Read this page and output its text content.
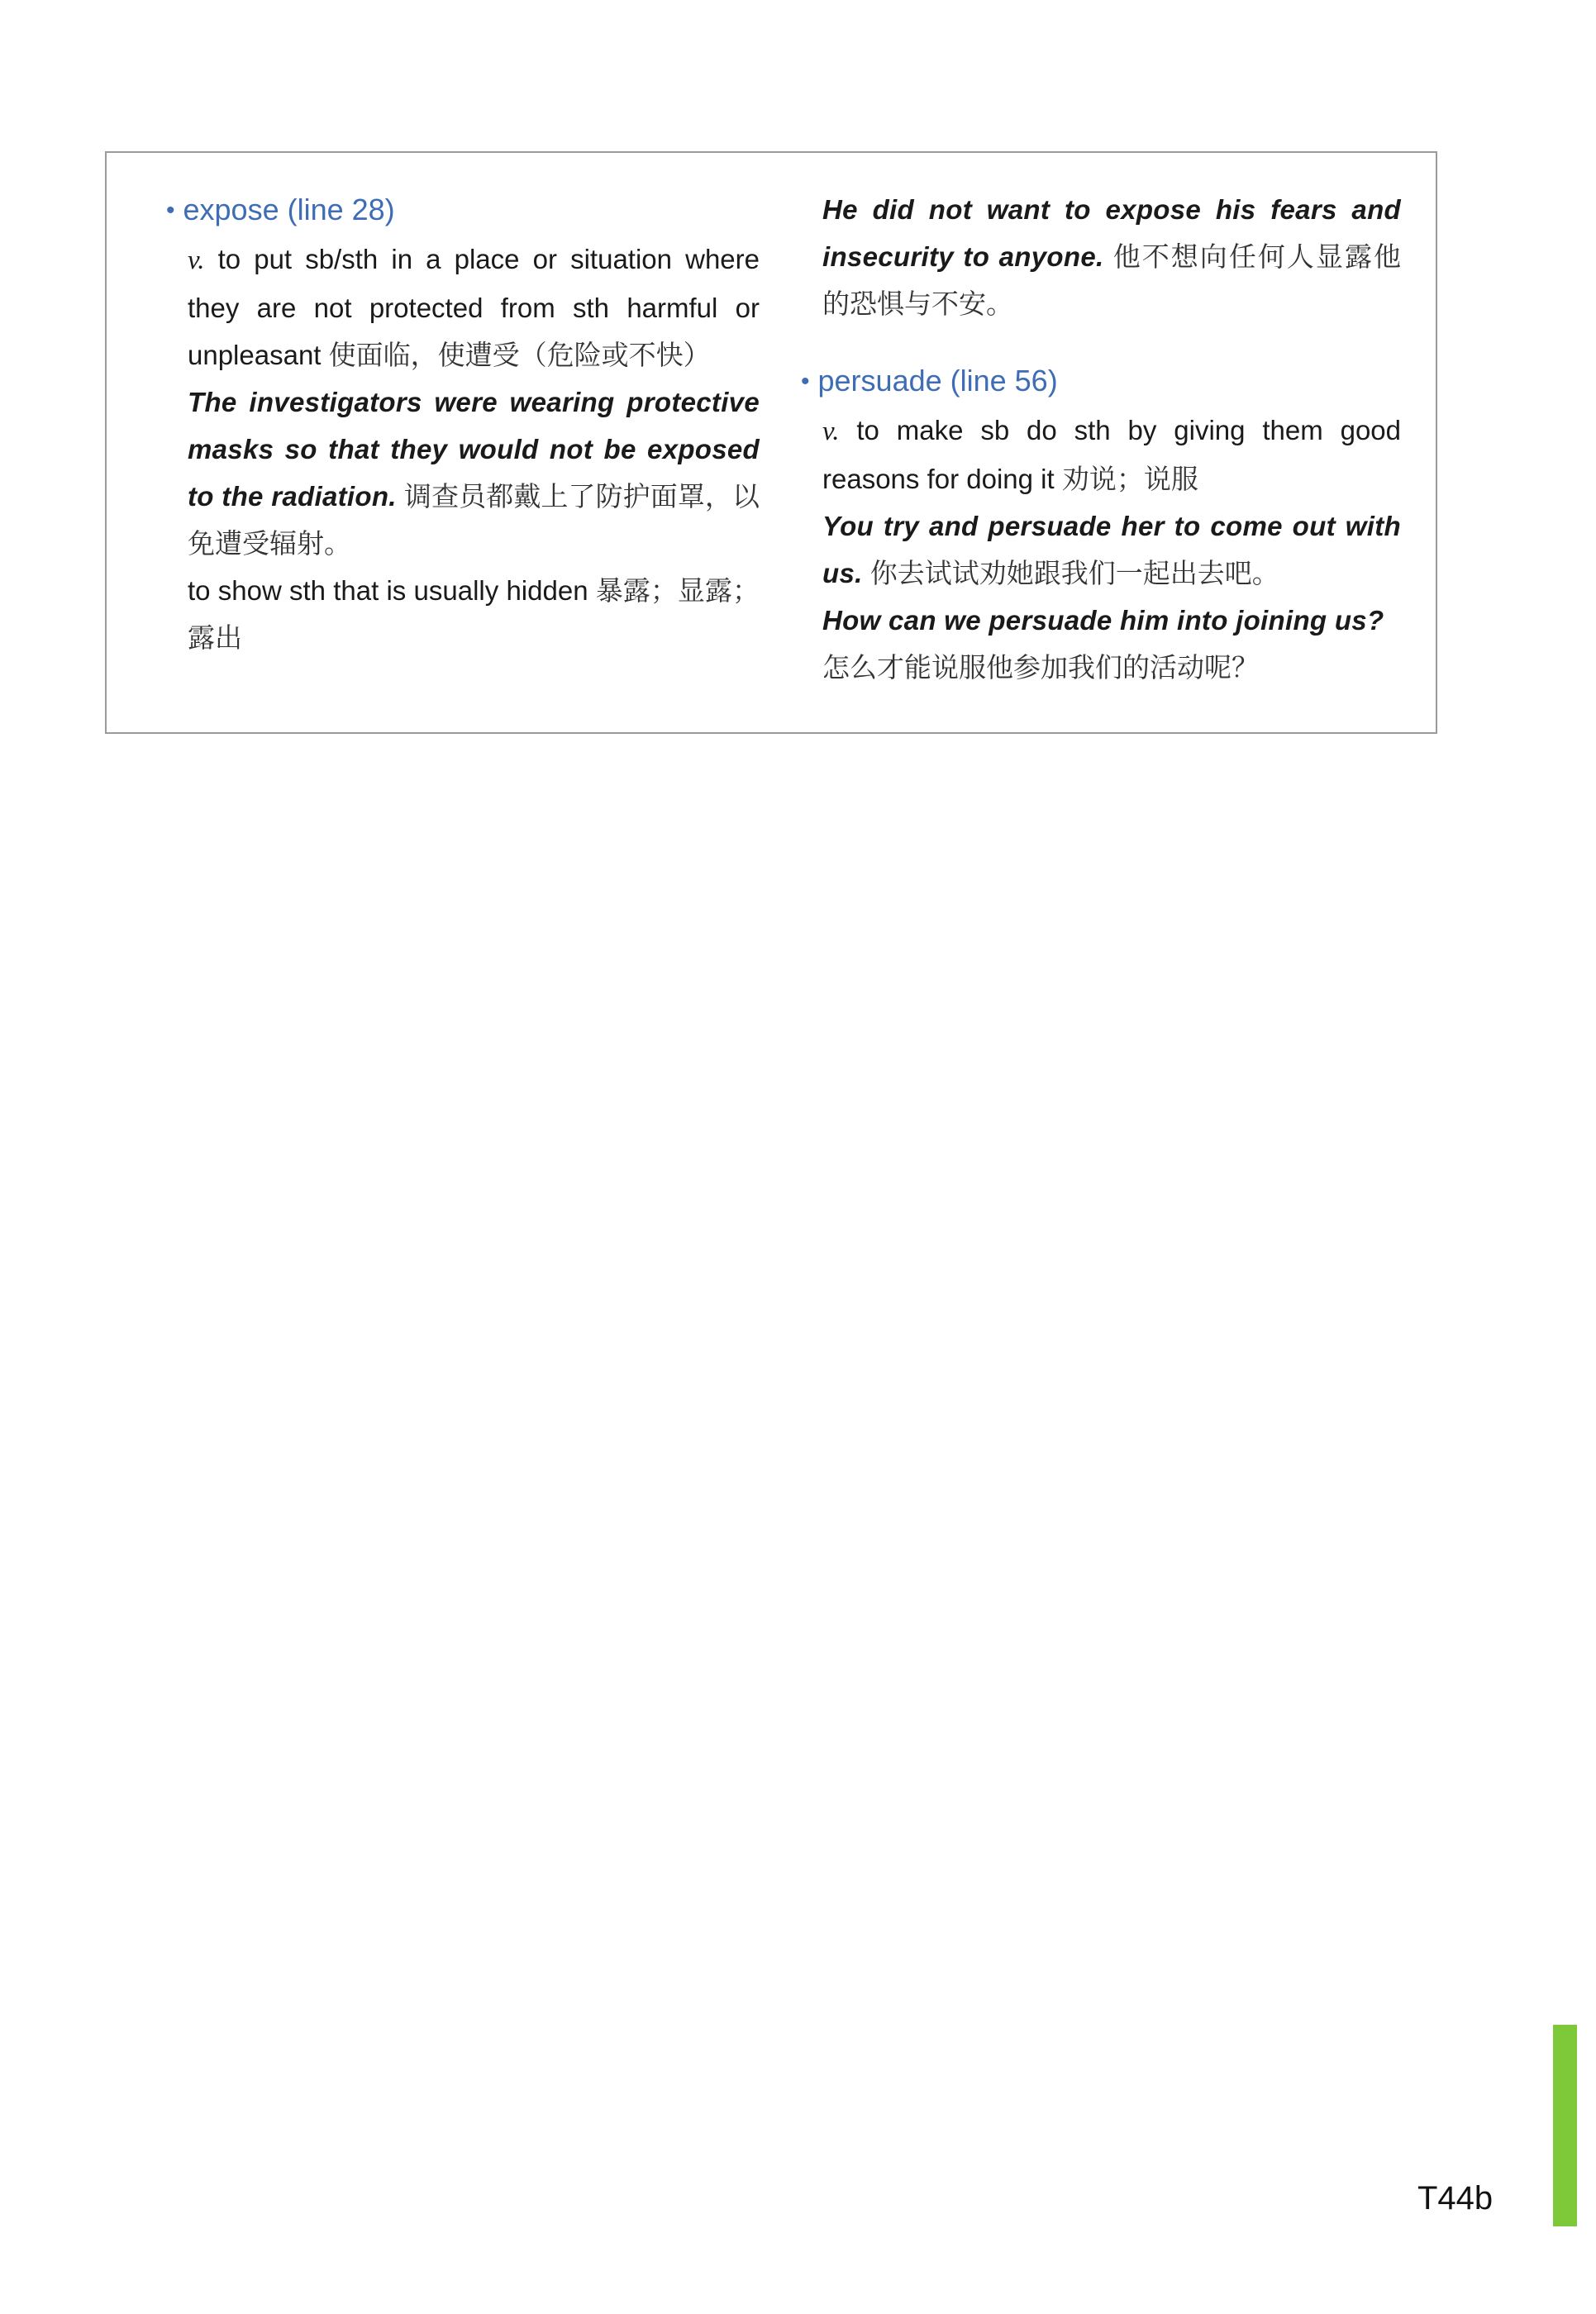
• expose (line 28)
v. to put sb/sth in a place or situation where they are not protected from sth harmful or unpleasant 使面临，使遭受（危险或不快）
The investigators were wearing protective masks so that they would not be exposed to the radiation. 调查员都戴上了防护面罩，以免遭受辐射。
to show sth that is usually hidden 暴露；显露；露出
He did not want to expose his fears and insecurity to anyone. 他不想向任何人显露他的恐惧与不安。
• persuade (line 56)
v. to make sb do sth by giving them good reasons for doing it 劝说；说服
You try and persuade her to come out with us. 你去试试劝她跟我们一起出去吧。
How can we persuade him into joining us?
怎么才能说服他参加我们的活动呢？
T44b
